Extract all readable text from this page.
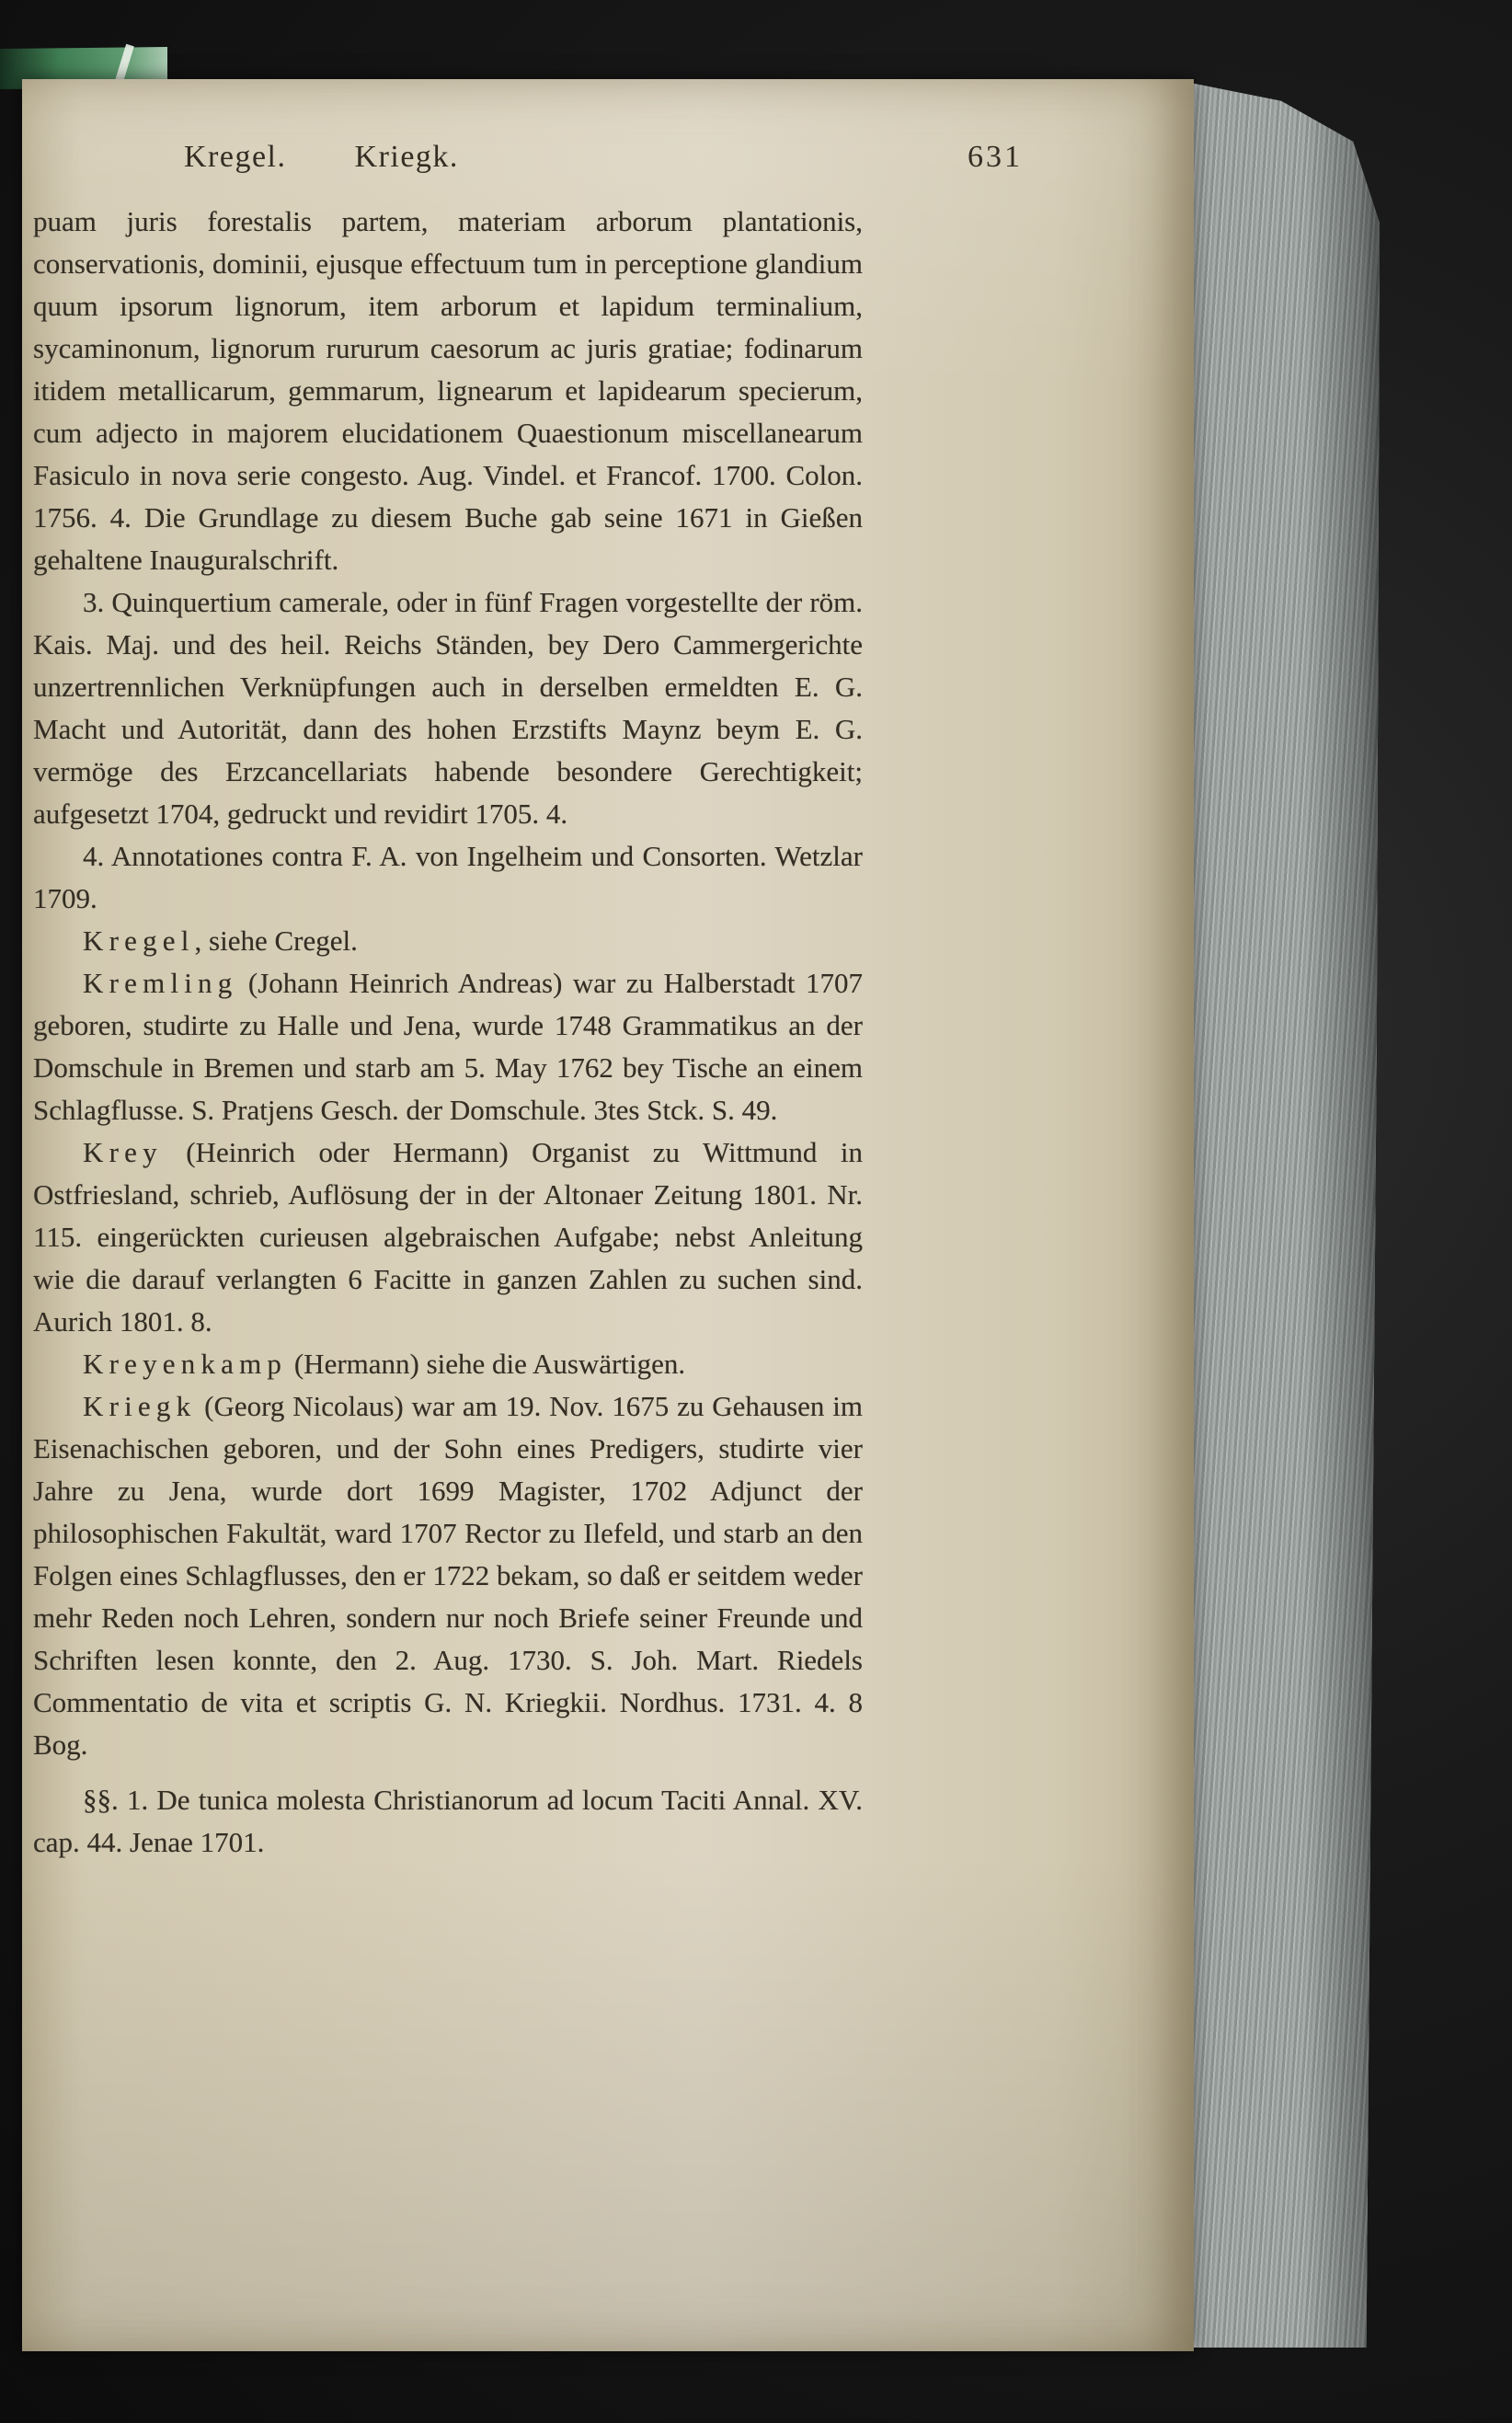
Kregel. Kriegk.	631

puam juris forestalis partem, materiam arborum plantationis, conservationis, dominii, ejusque effectuum tum in perceptione glandium quum ipsorum lignorum, item arborum et lapidum terminalium, sycaminonum, lignorum rururum caesorum ac juris gratiae; fodinarum itidem metallicarum, gemmarum, lignearum et lapidearum specierum, cum adjecto in majorem elucidationem Quaestionum miscellanearum Fasiculo in nova serie congesto. Aug. Vindel. et Francof. 1700. Colon. 1756. 4. Die Grundlage zu diesem Buche gab seine 1671 in Gießen gehaltene Inauguralschrift.

3. Quinquertium camerale, oder in fünf Fragen vorgestellte der röm. Kais. Maj. und des heil. Reichs Ständen, bey Dero Cammergerichte unzertrennlichen Verknüpfungen auch in derselben ermeldten E. G. Macht und Autorität, dann des hohen Erzstifts Maynz beym E. G. vermöge des Erzcancellariats habende besondere Gerechtigkeit; aufgesetzt 1704, gedruckt und revidirt 1705. 4.

4. Annotationes contra F. A. von Ingelheim und Consorten. Wetzlar 1709.

Kregel, siehe Cregel.

Kremling (Johann Heinrich Andreas) war zu Halberstadt 1707 geboren, studirte zu Halle und Jena, wurde 1748 Grammatikus an der Domschule in Bremen und starb am 5. May 1762 bey Tische an einem Schlagflusse. S. Pratjens Gesch. der Domschule. 3tes Stck. S. 49.

Krey (Heinrich oder Hermann) Organist zu Wittmund in Ostfriesland, schrieb, Auflösung der in der Altonaer Zeitung 1801. Nr. 115. eingerückten curieusen algebraischen Aufgabe; nebst Anleitung wie die darauf verlangten 6 Facitte in ganzen Zahlen zu suchen sind. Aurich 1801. 8.

Kreyenkamp (Hermann) siehe die Auswärtigen.

Kriegk (Georg Nicolaus) war am 19. Nov. 1675 zu Gehausen im Eisenachischen geboren, und der Sohn eines Predigers, studirte vier Jahre zu Jena, wurde dort 1699 Magister, 1702 Adjunct der philosophischen Fakultät, ward 1707 Rector zu Ilefeld, und starb an den Folgen eines Schlagflusses, den er 1722 bekam, so daß er seitdem weder mehr Reden noch Lehren, sondern nur noch Briefe seiner Freunde und Schriften lesen konnte, den 2. Aug. 1730. S. Joh. Mart. Riedels Commentatio de vita et scriptis G. N. Kriegkii. Nordhus. 1731. 4. 8 Bog.

§§. 1. De tunica molesta Christianorum ad locum Taciti Annal. XV. cap. 44. Jenae 1701.
